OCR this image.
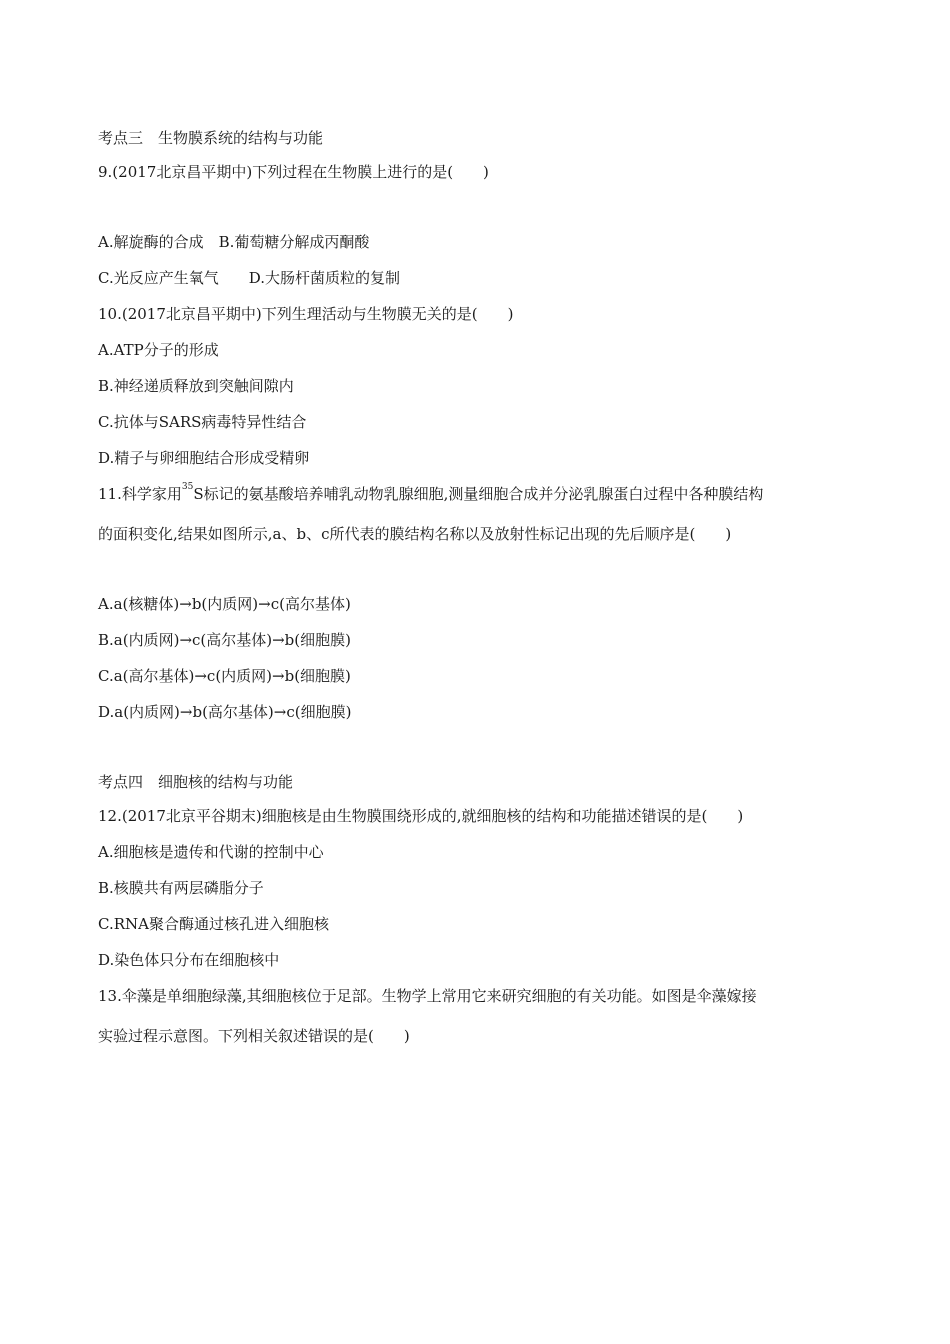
考点三　生物膜系统的结构与功能
9.(2017北京昌平期中)下列过程在生物膜上进行的是(　　)
A.解旋酶的合成　B.葡萄糖分解成丙酮酸
C.光反应产生氧气　　D.大肠杆菌质粒的复制
10.(2017北京昌平期中)下列生理活动与生物膜无关的是(　　)
A.ATP分子的形成
B.神经递质释放到突触间隙内
C.抗体与SARS病毒特异性结合
D.精子与卵细胞结合形成受精卵
11.科学家用$^{35}$S标记的氨基酸培养哺乳动物乳腺细胞,测量细胞合成并分泌乳腺蛋白过程中各种膜结构
的面积变化,结果如图所示,a、b、c所代表的膜结构名称以及放射性标记出现的先后顺序是(　　)
A.a(核糖体)→b(内质网)→c(高尔基体)
B.a(内质网)→c(高尔基体)→b(细胞膜)
C.a(高尔基体)→c(内质网)→b(细胞膜)
D.a(内质网)→b(高尔基体)→c(细胞膜)
考点四　细胞核的结构与功能
12.(2017北京平谷期末)细胞核是由生物膜围绕形成的,就细胞核的结构和功能描述错误的是(　　)
A.细胞核是遗传和代谢的控制中心
B.核膜共有两层磷脂分子
C.RNA聚合酶通过核孔进入细胞核
D.染色体只分布在细胞核中
13.伞藻是单细胞绿藻,其细胞核位于足部。生物学上常用它来研究细胞的有关功能。如图是伞藻嫁接
实验过程示意图。下列相关叙述错误的是(　　)
